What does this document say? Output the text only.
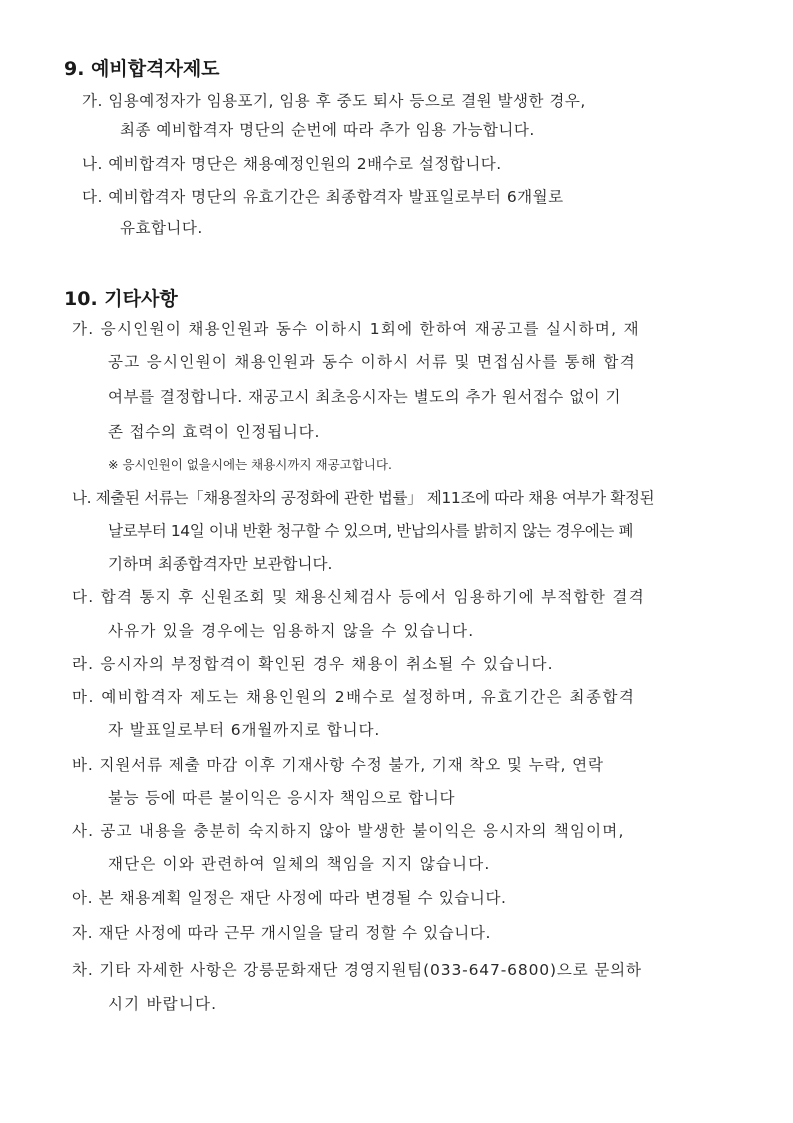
9. 예비합격자제도

가. 임용예정자가 임용포기, 임용 후 중도 퇴사 등으로 결원 발생한 경우,

최종 예비합격자 명단의 순번에 따라 추가 임용 가능합니다.

나. 예비합격자 명단은 채용예정인원의 2배수로 설정합니다.

다. 예비합격자 명단의 유효기간은 최종합격자 발표일로부터 6개월로

유효합니다.

10. 기타사항

가. 응시인원이 채용인원과 동수 이하시 1회에 한하여 재공고를 실시하며, 재

공고 응시인원이 채용인원과 동수 이하시 서류 및 면접심사를 통해 합격

여부를 결정합니다. 재공고시 최초응시자는 별도의 추가 원서접수 없이 기

존 접수의 효력이 인정됩니다.

※ 응시인원이 없을시에는 채용시까지 재공고합니다.

나. 제출된 서류는「채용절차의 공정화에 관한 법률」 제11조에 따라 채용 여부가 확정된

날로부터 14일 이내 반환 청구할 수 있으며, 반납의사를 밝히지 않는 경우에는 폐

기하며 최종합격자만 보관합니다.

다. 합격 통지 후 신원조회 및 채용신체검사 등에서 임용하기에 부적합한 결격

사유가 있을 경우에는 임용하지 않을 수 있습니다.

라. 응시자의 부정합격이 확인된 경우 채용이 취소될 수 있습니다.

마. 예비합격자 제도는 채용인원의 2배수로 설정하며, 유효기간은 최종합격

자 발표일로부터 6개월까지로 합니다.

바. 지원서류 제출 마감 이후 기재사항 수정 불가, 기재 착오 및 누락, 연락

불능 등에 따른 불이익은 응시자 책임으로 합니다

사. 공고 내용을 충분히 숙지하지 않아 발생한 불이익은 응시자의 책임이며,

재단은 이와 관련하여 일체의 책임을 지지 않습니다.

아. 본 채용계획 일정은 재단 사정에 따라 변경될 수 있습니다.

자. 재단 사정에 따라 근무 개시일을 달리 정할 수 있습니다.

차. 기타 자세한 사항은 강릉문화재단 경영지원팀(033-647-6800)으로 문의하

시기 바랍니다.
